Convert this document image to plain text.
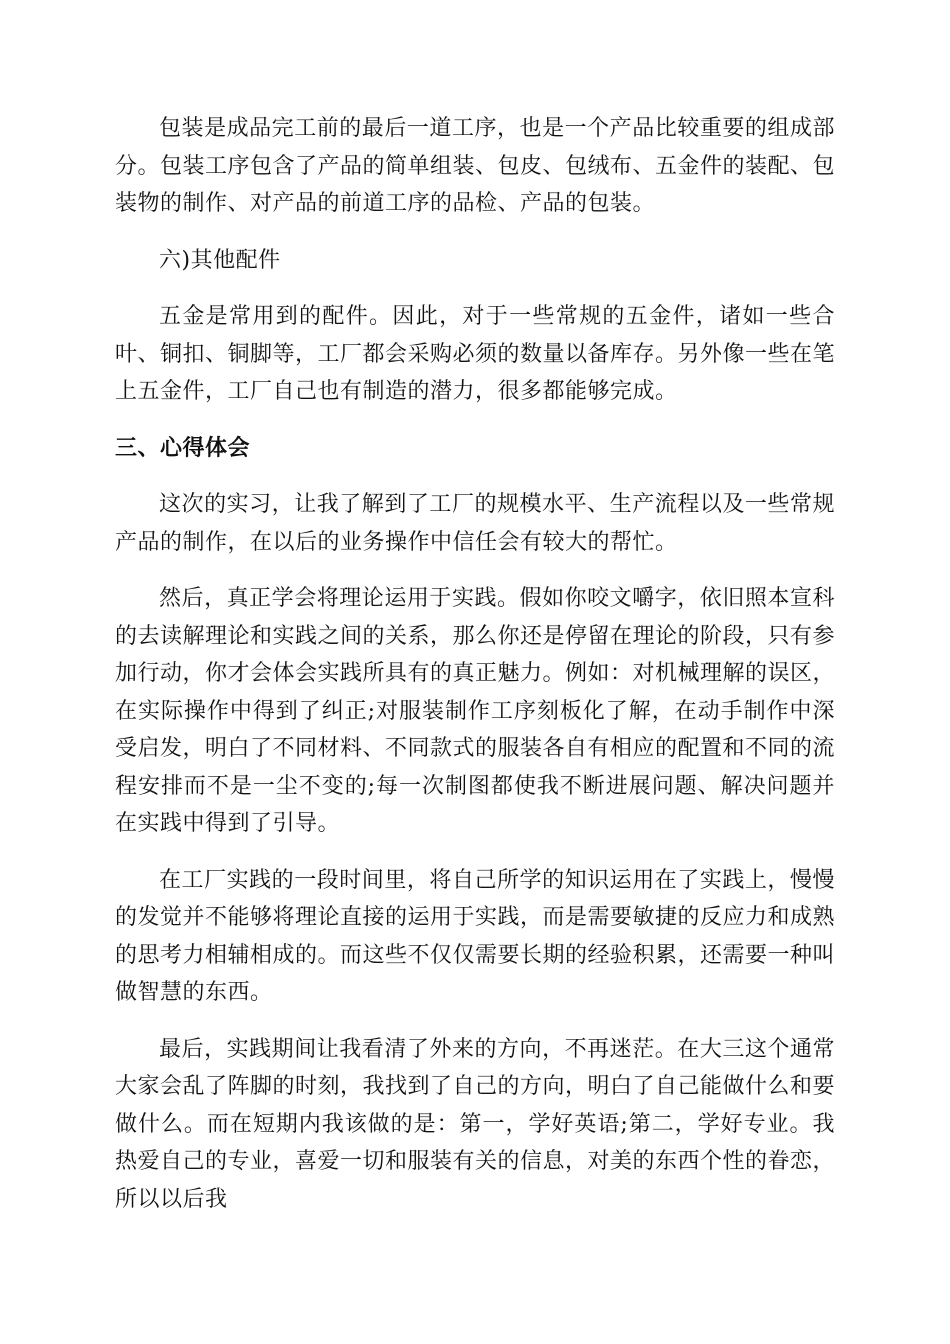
包装是成品完工前的最后一道工序，也是一个产品比较重要的组成部分。包装工序包含了产品的简单组装、包皮、包绒布、五金件的装配、包装物的制作、对产品的前道工序的品检、产品的包装。

六)其他配件

五金是常用到的配件。因此，对于一些常规的五金件，诸如一些合叶、铜扣、铜脚等，工厂都会采购必须的数量以备库存。另外像一些在笔上五金件，工厂自己也有制造的潜力，很多都能够完成。

三、心得体会

这次的实习，让我了解到了工厂的规模水平、生产流程以及一些常规产品的制作，在以后的业务操作中信任会有较大的帮忙。

然后，真正学会将理论运用于实践。假如你咬文嚼字，依旧照本宣科的去读解理论和实践之间的关系，那么你还是停留在理论的阶段，只有参加行动，你才会体会实践所具有的真正魅力。例如：对机械理解的误区，在实际操作中得到了纠正;对服装制作工序刻板化了解，在动手制作中深受启发，明白了不同材料、不同款式的服装各自有相应的配置和不同的流程安排而不是一尘不变的;每一次制图都使我不断进展问题、解决问题并在实践中得到了引导。

在工厂实践的一段时间里，将自己所学的知识运用在了实践上，慢慢的发觉并不能够将理论直接的运用于实践，而是需要敏捷的反应力和成熟的思考力相辅相成的。而这些不仅仅需要长期的经验积累，还需要一种叫做智慧的东西。

最后，实践期间让我看清了外来的方向，不再迷茫。在大三这个通常大家会乱了阵脚的时刻，我找到了自己的方向，明白了自己能做什么和要做什么。而在短期内我该做的是：第一，学好英语;第二，学好专业。我热爱自己的专业，喜爱一切和服装有关的信息，对美的东西个性的眷恋，所以以后我
